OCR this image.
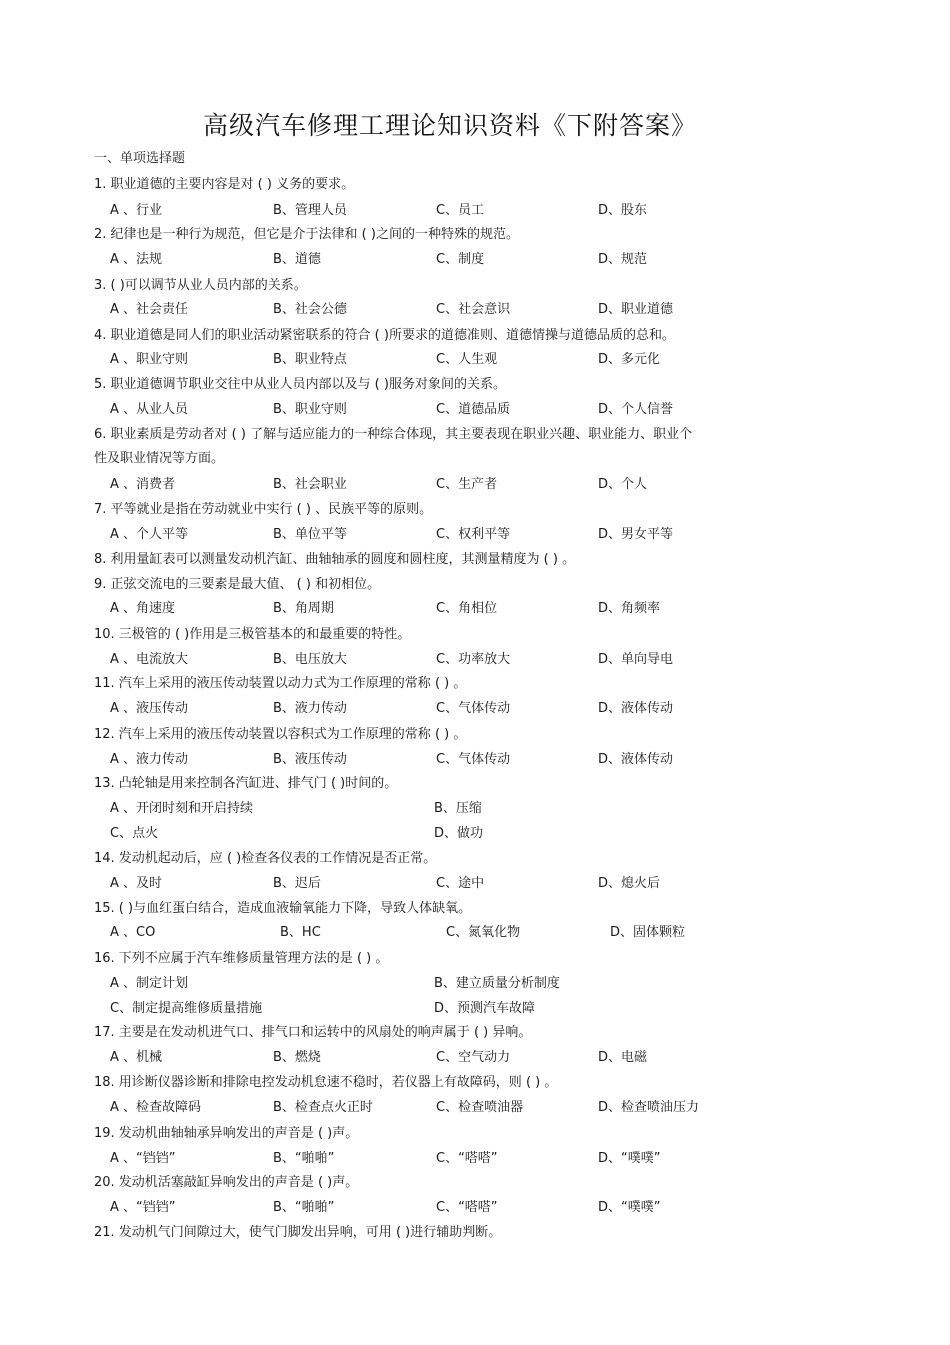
高级汽车修理工理论知识资料《下附答案》
一、单项选择题
1. 职业道德的主要内容是对 ( ) 义务的要求。
A 、行业	B、管理人员	C、员工	D、股东
2. 纪律也是一种行为规范，但它是介于法律和 ( )之间的一种特殊的规范。
A 、法规	B、道德	C、制度	D、规范
3. ( )可以调节从业人员内部的关系。
A 、社会责任	B、社会公德	C、社会意识	D、职业道德
4. 职业道德是同人们的职业活动紧密联系的符合 ( )所要求的道德准则、道德情操与道德品质的总和。
A 、职业守则	B、职业特点	C、人生观	D、多元化
5. 职业道德调节职业交往中从业人员内部以及与 ( )服务对象间的关系。
A 、从业人员	B、职业守则	C、道德品质	D、个人信誉
6. 职业素质是劳动者对 ( ) 了解与适应能力的一种综合体现，其主要表现在职业兴趣、职业能力、职业个
性及职业情况等方面。
A 、消费者	B、社会职业	C、生产者	D、个人
7. 平等就业是指在劳动就业中实行 ( ) 、民族平等的原则。
A 、个人平等	B、单位平等	C、权利平等	D、男女平等
8. 利用量缸表可以测量发动机汽缸、曲轴轴承的圆度和圆柱度，其测量精度为 ( ) 。
9. 正弦交流电的三要素是最大值、 ( ) 和初相位。
A 、角速度	B、角周期	C、角相位	D、角频率
10. 三极管的 ( )作用是三极管基本的和最重要的特性。
A 、电流放大	B、电压放大	C、功率放大	D、单向导电
11. 汽车上采用的液压传动装置以动力式为工作原理的常称 ( ) 。
A 、液压传动	B、液力传动	C、气体传动	D、液体传动
12. 汽车上采用的液压传动装置以容积式为工作原理的常称 ( ) 。
A 、液力传动	B、液压传动	C、气体传动	D、液体传动
13. 凸轮轴是用来控制各汽缸进、排气门 ( )时间的。
A 、开闭时刻和开启持续	B、压缩
C、点火	D、做功
14. 发动机起动后，应 ( )检查各仪表的工作情况是否正常。
A 、及时	B、迟后	C、途中	D、熄火后
15. ( )与血红蛋白结合，造成血液输氧能力下降，导致人体缺氧。
A 、CO	B、HC	C、氮氧化物	D、固体颗粒
16. 下列不应属于汽车维修质量管理方法的是 ( ) 。
A 、制定计划	B、建立质量分析制度
C、制定提高维修质量措施	D、预测汽车故障
17. 主要是在发动机进气口、排气口和运转中的风扇处的响声属于 ( ) 异响。
A 、机械	B、燃烧	C、空气动力	D、电磁
18. 用诊断仪器诊断和排除电控发动机怠速不稳时，若仪器上有故障码，则 ( ) 。
A 、检查故障码	B、检查点火正时	C、检查喷油器	D、检查喷油压力
19. 发动机曲轴轴承异响发出的声音是 ( )声。
A 、“铛铛”	B、“啪啪”	C、“嗒嗒”	D、“噗噗”
20. 发动机活塞敲缸异响发出的声音是 ( )声。
A 、“铛铛”	B、“啪啪”	C、“嗒嗒”	D、“噗噗”
21. 发动机气门间隙过大，使气门脚发出异响，可用 ( )进行辅助判断。
